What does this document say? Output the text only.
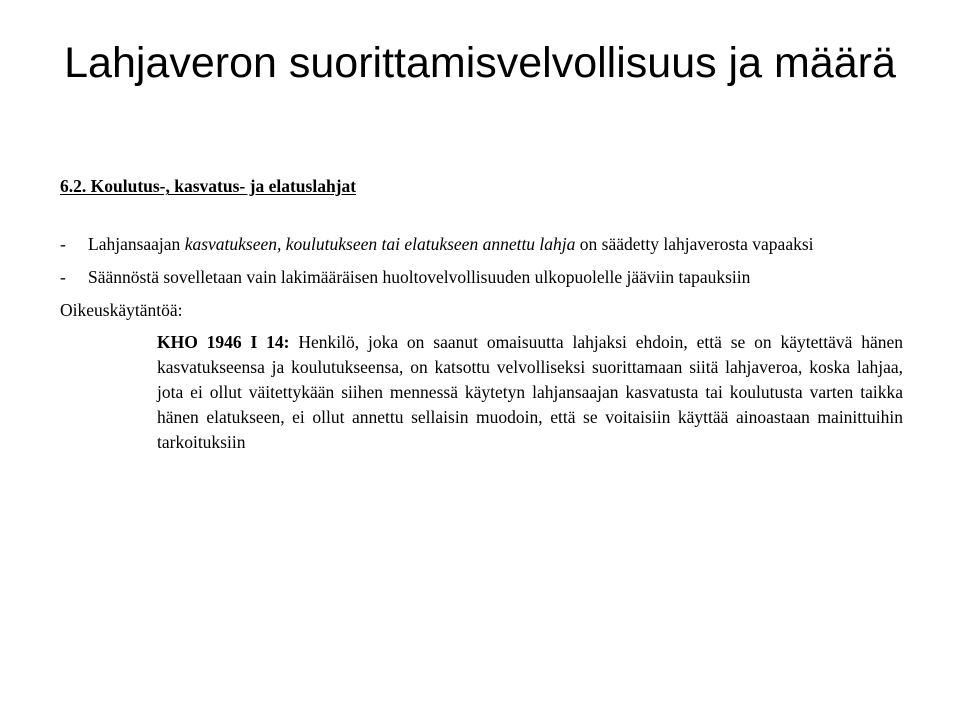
Lahjaveron suorittamisvelvollisuus ja määrä

6.2. Koulutus-, kasvatus- ja elatuslahjat

-	Lahjansaajan kasvatukseen, koulutukseen tai elatukseen annettu lahja on säädetty lahjaverosta vapaaksi
-	Säännöstä sovelletaan vain lakimääräisen huoltovelvollisuuden ulkopuolelle jääviin tapauksiin

Oikeuskäytäntöä:

KHO 1946 I 14: Henkilö, joka on saanut omaisuutta lahjaksi ehdoin, että se on käytettävä hänen kasvatukseensa ja koulutukseensa, on katsottu velvolliseksi suorittamaan siitä lahjaveroa, koska lahjaa, jota ei ollut väitettykään siihen mennessä käytetyn lahjansaajan kasvatusta tai koulutusta varten taikka hänen elatukseen, ei ollut annettu sellaisin muodoin, että se voitaisiin käyttää ainoastaan mainittuihin tarkoituksiin
